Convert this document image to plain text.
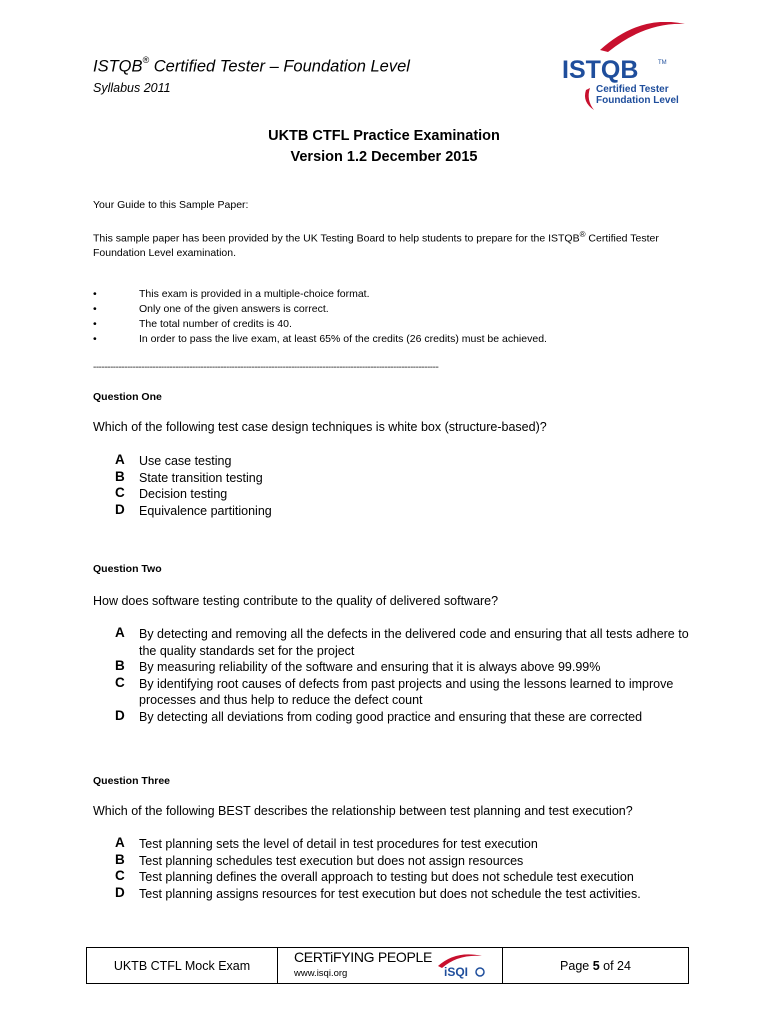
ISTQB® Certified Tester – Foundation Level
Syllabus 2011
ISTQB	TM
Certified Tester
Foundation Level
UKTB CTFL Practice Examination
Version 1.2 December 2015
Your Guide to this Sample Paper:
This sample paper has been provided by the UK Testing Board to help students to prepare for the ISTQB® Certified Tester Foundation Level examination.
•	This exam is provided in a multiple-choice format.
•	Only one of the given answers is correct.
•	The total number of credits is 40.
•	In order to pass the live exam, at least 65% of the credits (26 credits) must be achieved.
--------------------------------------------------------------------------------------------------------------------------
Question One
Which of the following test case design techniques is white box (structure-based)?
A Use case testing
B State transition testing
C Decision testing
D Equivalence partitioning
Question Two
How does software testing contribute to the quality of delivered software?
A By detecting and removing all the defects in the delivered code and ensuring that all tests adhere to the quality standards set for the project
B By measuring reliability of the software and ensuring that it is always above 99.99%
C By identifying root causes of defects from past projects and using the lessons learned to improve processes and thus help to reduce the defect count
D By detecting all deviations from coding good practice and ensuring that these are corrected
Question Three
Which of the following BEST describes the relationship between test planning and test execution?
A Test planning sets the level of detail in test procedures for test execution
B Test planning schedules test execution but does not assign resources
C Test planning defines the overall approach to testing but does not schedule test execution
D Test planning assigns resources for test execution but does not schedule the test activities.
UKTB CTFL Mock Exam
CERTiFYING PEOPLE
www.isqi.org	iSQI	Page
5
of 24
